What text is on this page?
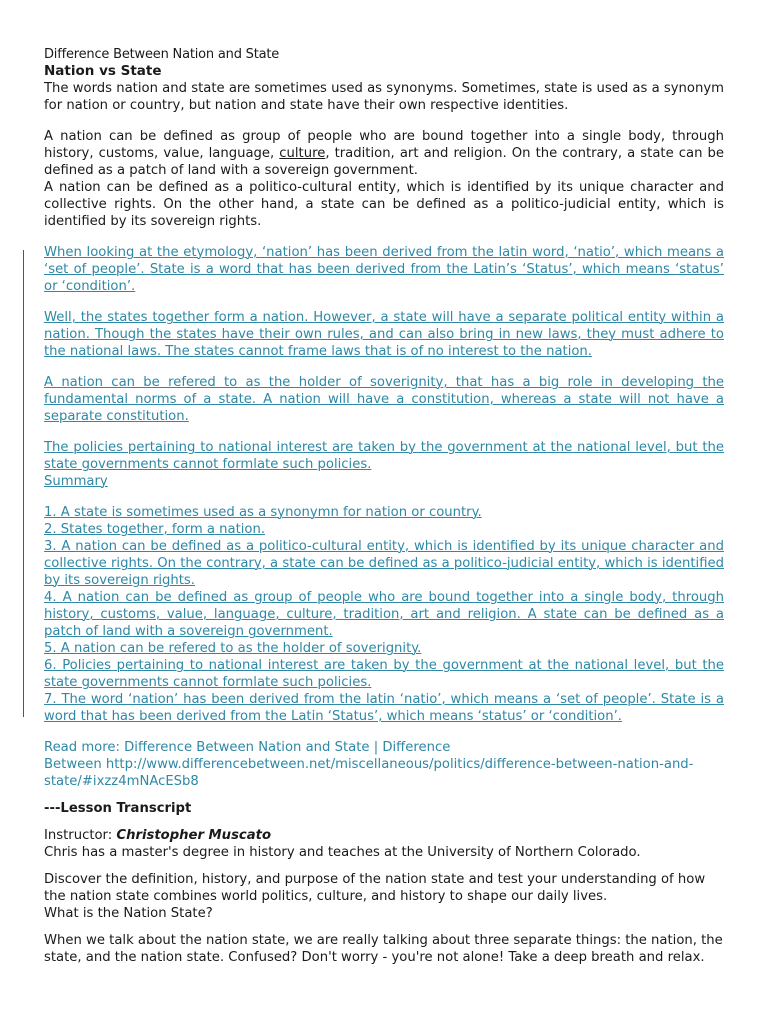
Difference Between Nation and State

Nation vs State

The words nation and state are sometimes used as synonyms. Sometimes, state is used as a synonym for nation or country, but nation and state have their own respective identities.

A nation can be defined as group of people who are bound together into a single body, through history, customs, value, language, culture, tradition, art and religion. On the contrary, a state can be defined as a patch of land with a sovereign government.

A nation can be defined as a politico-cultural entity, which is identified by its unique character and collective rights. On the other hand, a state can be defined as a politico-judicial entity, which is identified by its sovereign rights.

When looking at the etymology, ‘nation’ has been derived from the latin word, ‘natio’, which means a ‘set of people’. State is a word that has been derived from the Latin’s ‘Status’, which means ‘status’ or ‘condition’.

Well, the states together form a nation. However, a state will have a separate political entity within a nation. Though the states have their own rules, and can also bring in new laws, they must adhere to the national laws. The states cannot frame laws that is of no interest to the nation.

A nation can be refered to as the holder of soverignity, that has a big role in developing the fundamental norms of a state. A nation will have a constitution, whereas a state will not have a separate constitution.

The policies pertaining to national interest are taken by the government at the national level, but the state governments cannot formlate such policies.

Summary

1. A state is sometimes used as a synonymn for nation or country.

2. States together, form a nation.

3. A nation can be defined as a politico-cultural entity, which is identified by its unique character and collective rights. On the contrary, a state can be defined as a politico-judicial entity, which is identified by its sovereign rights.

4. A nation can be defined as group of people who are bound together into a single body, through history, customs, value, language, culture, tradition, art and religion. A state can be defined as a patch of land with a sovereign government.

5. A nation can be refered to as the holder of soverignity.

6. Policies pertaining to national interest are taken by the government at the national level, but the state governments cannot formlate such policies.

7. The word ‘nation’ has been derived from the latin ‘natio’, which means a ‘set of people’. State is a word that has been derived from the Latin ‘Status’, which means ‘status’ or ‘condition’.

Read more: Difference Between Nation and State | Difference

Between http://www.differencebetween.net/miscellaneous/politics/difference-between-nation-and-

state/#ixzz4mNAcESb8

---Lesson Transcript

Instructor: Christopher Muscato

Chris has a master's degree in history and teaches at the University of Northern Colorado.

Discover the definition, history, and purpose of the nation state and test your understanding of how the nation state combines world politics, culture, and history to shape our daily lives.

What is the Nation State?

When we talk about the nation state, we are really talking about three separate things: the nation, the state, and the nation state. Confused? Don't worry - you're not alone! Take a deep breath and relax.
